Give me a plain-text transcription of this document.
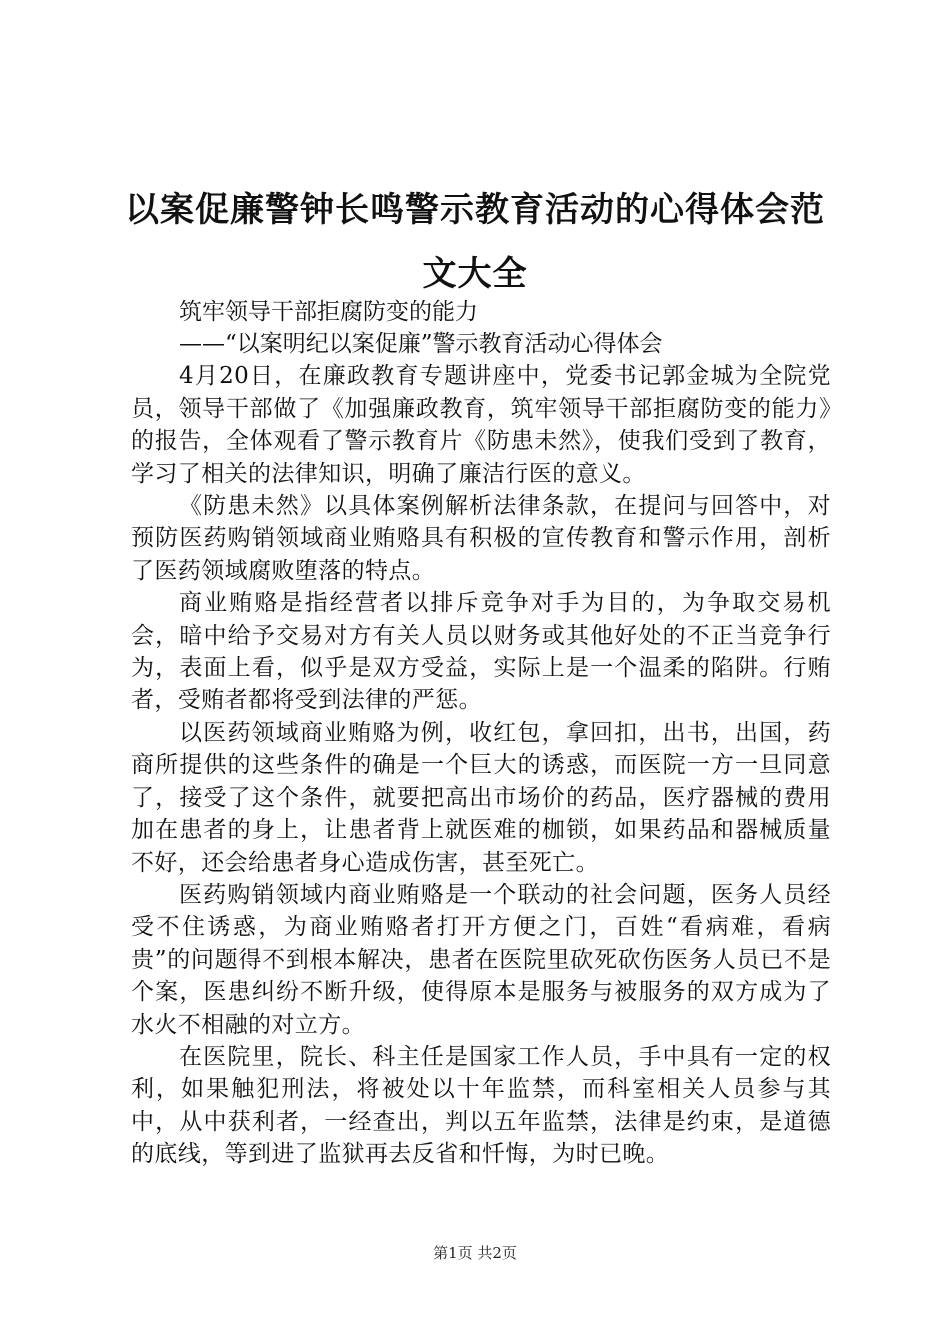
以案促廉警钟长鸣警示教育活动的心得体会范文大全

筑牢领导干部拒腐防变的能力

——“以案明纪以案促廉”警示教育活动心得体会

4月20日，在廉政教育专题讲座中，党委书记郭金城为全院党员，领导干部做了《加强廉政教育，筑牢领导干部拒腐防变的能力》的报告，全体观看了警示教育片《防患未然》，使我们受到了教育，学习了相关的法律知识，明确了廉洁行医的意义。

《防患未然》以具体案例解析法律条款，在提问与回答中，对预防医药购销领域商业贿赂具有积极的宣传教育和警示作用，剖析了医药领域腐败堕落的特点。

商业贿赂是指经营者以排斥竞争对手为目的，为争取交易机会，暗中给予交易对方有关人员以财务或其他好处的不正当竞争行为，表面上看，似乎是双方受益，实际上是一个温柔的陷阱。行贿者，受贿者都将受到法律的严惩。

以医药领域商业贿赂为例，收红包，拿回扣，出书，出国，药商所提供的这些条件的确是一个巨大的诱惑，而医院一方一旦同意了，接受了这个条件，就要把高出市场价的药品，医疗器械的费用加在患者的身上，让患者背上就医难的枷锁，如果药品和器械质量不好，还会给患者身心造成伤害，甚至死亡。

医药购销领域内商业贿赂是一个联动的社会问题，医务人员经受不住诱惑，为商业贿赂者打开方便之门，百姓“看病难，看病贵”的问题得不到根本解决，患者在医院里砍死砍伤医务人员已不是个案，医患纠纷不断升级，使得原本是服务与被服务的双方成为了水火不相融的对立方。

在医院里，院长、科主任是国家工作人员，手中具有一定的权利，如果触犯刑法，将被处以十年监禁，而科室相关人员参与其中，从中获利者，一经查出，判以五年监禁，法律是约束，是道德的底线，等到进了监狱再去反省和忏悔，为时已晚。

第1页 共2页
